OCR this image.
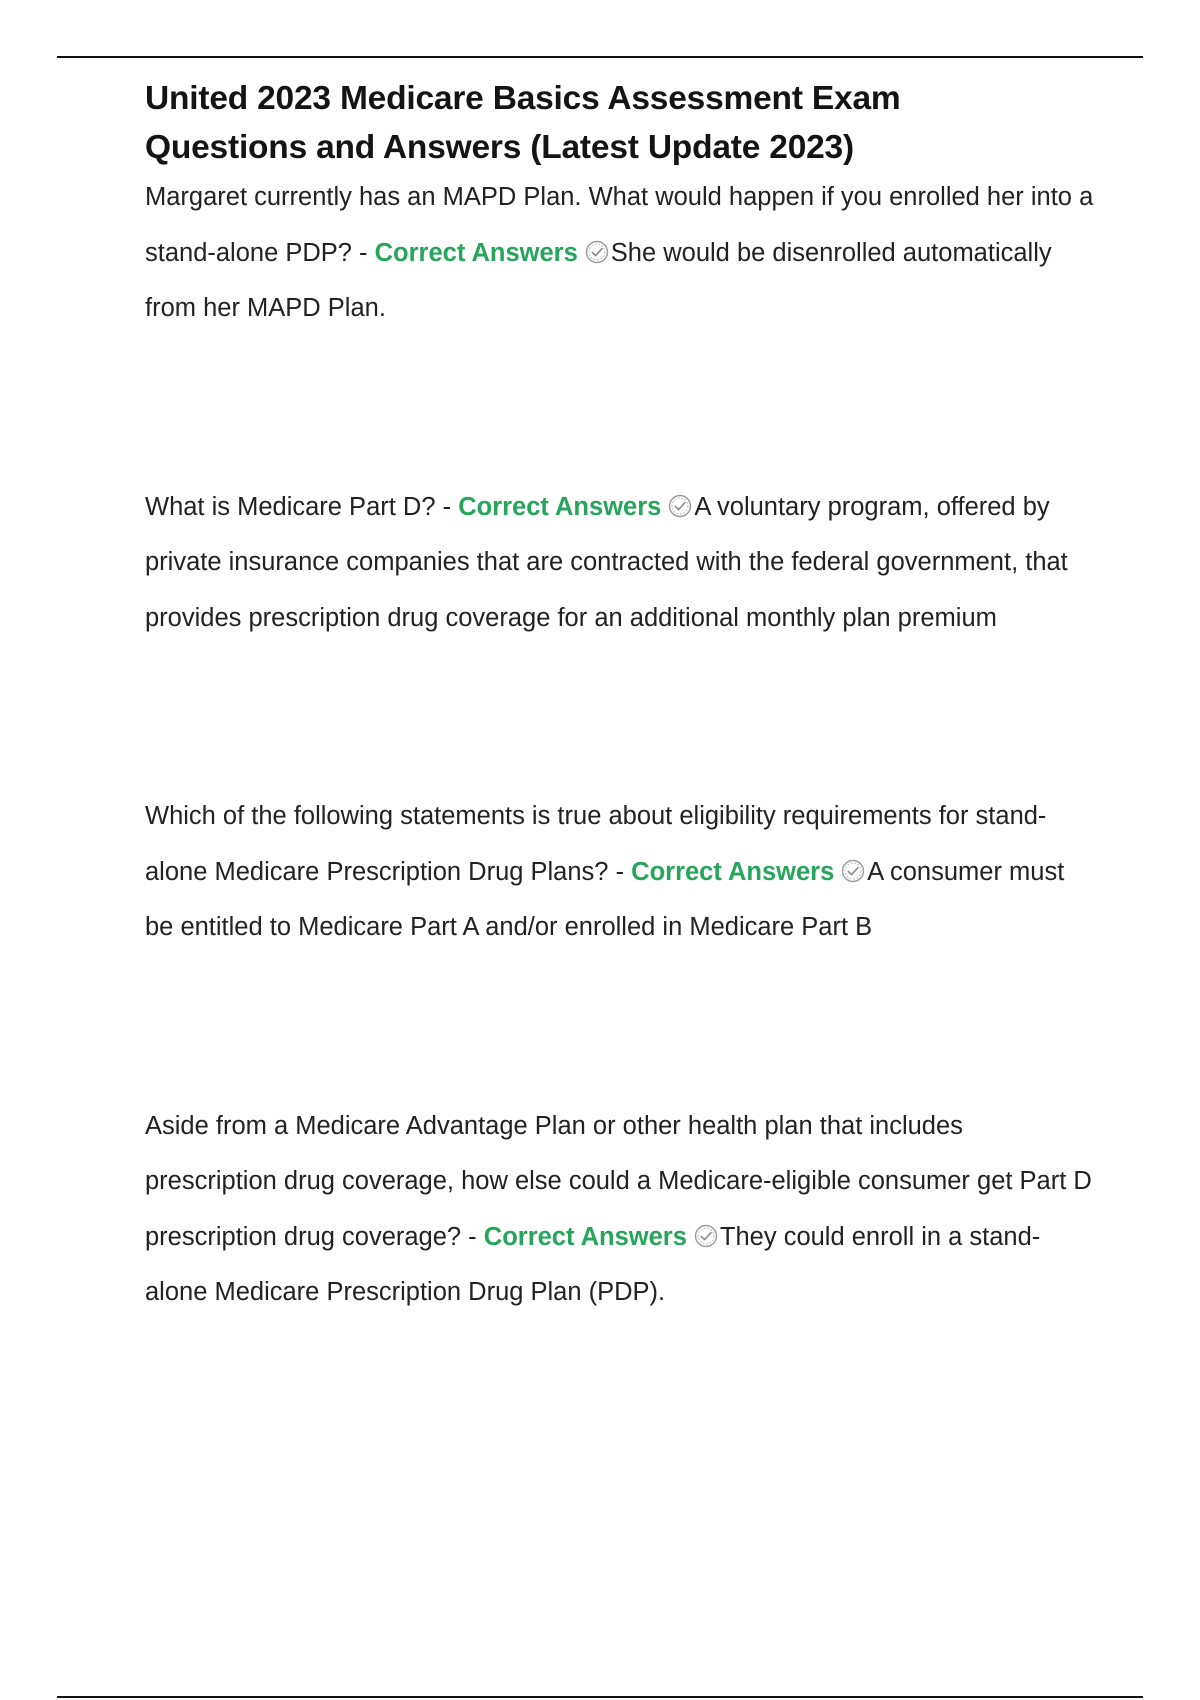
United 2023 Medicare Basics Assessment Exam
Questions and Answers (Latest Update 2023)
Margaret currently has an MAPD Plan. What would happen if you enrolled her into a stand-alone PDP? - Correct Answers She would be disenrolled automatically from her MAPD Plan.
What is Medicare Part D? - Correct Answers A voluntary program, offered by private insurance companies that are contracted with the federal government, that provides prescription drug coverage for an additional monthly plan premium
Which of the following statements is true about eligibility requirements for stand-alone Medicare Prescription Drug Plans? - Correct Answers A consumer must be entitled to Medicare Part A and/or enrolled in Medicare Part B
Aside from a Medicare Advantage Plan or other health plan that includes prescription drug coverage, how else could a Medicare-eligible consumer get Part D prescription drug coverage? - Correct Answers They could enroll in a stand-alone Medicare Prescription Drug Plan (PDP).
